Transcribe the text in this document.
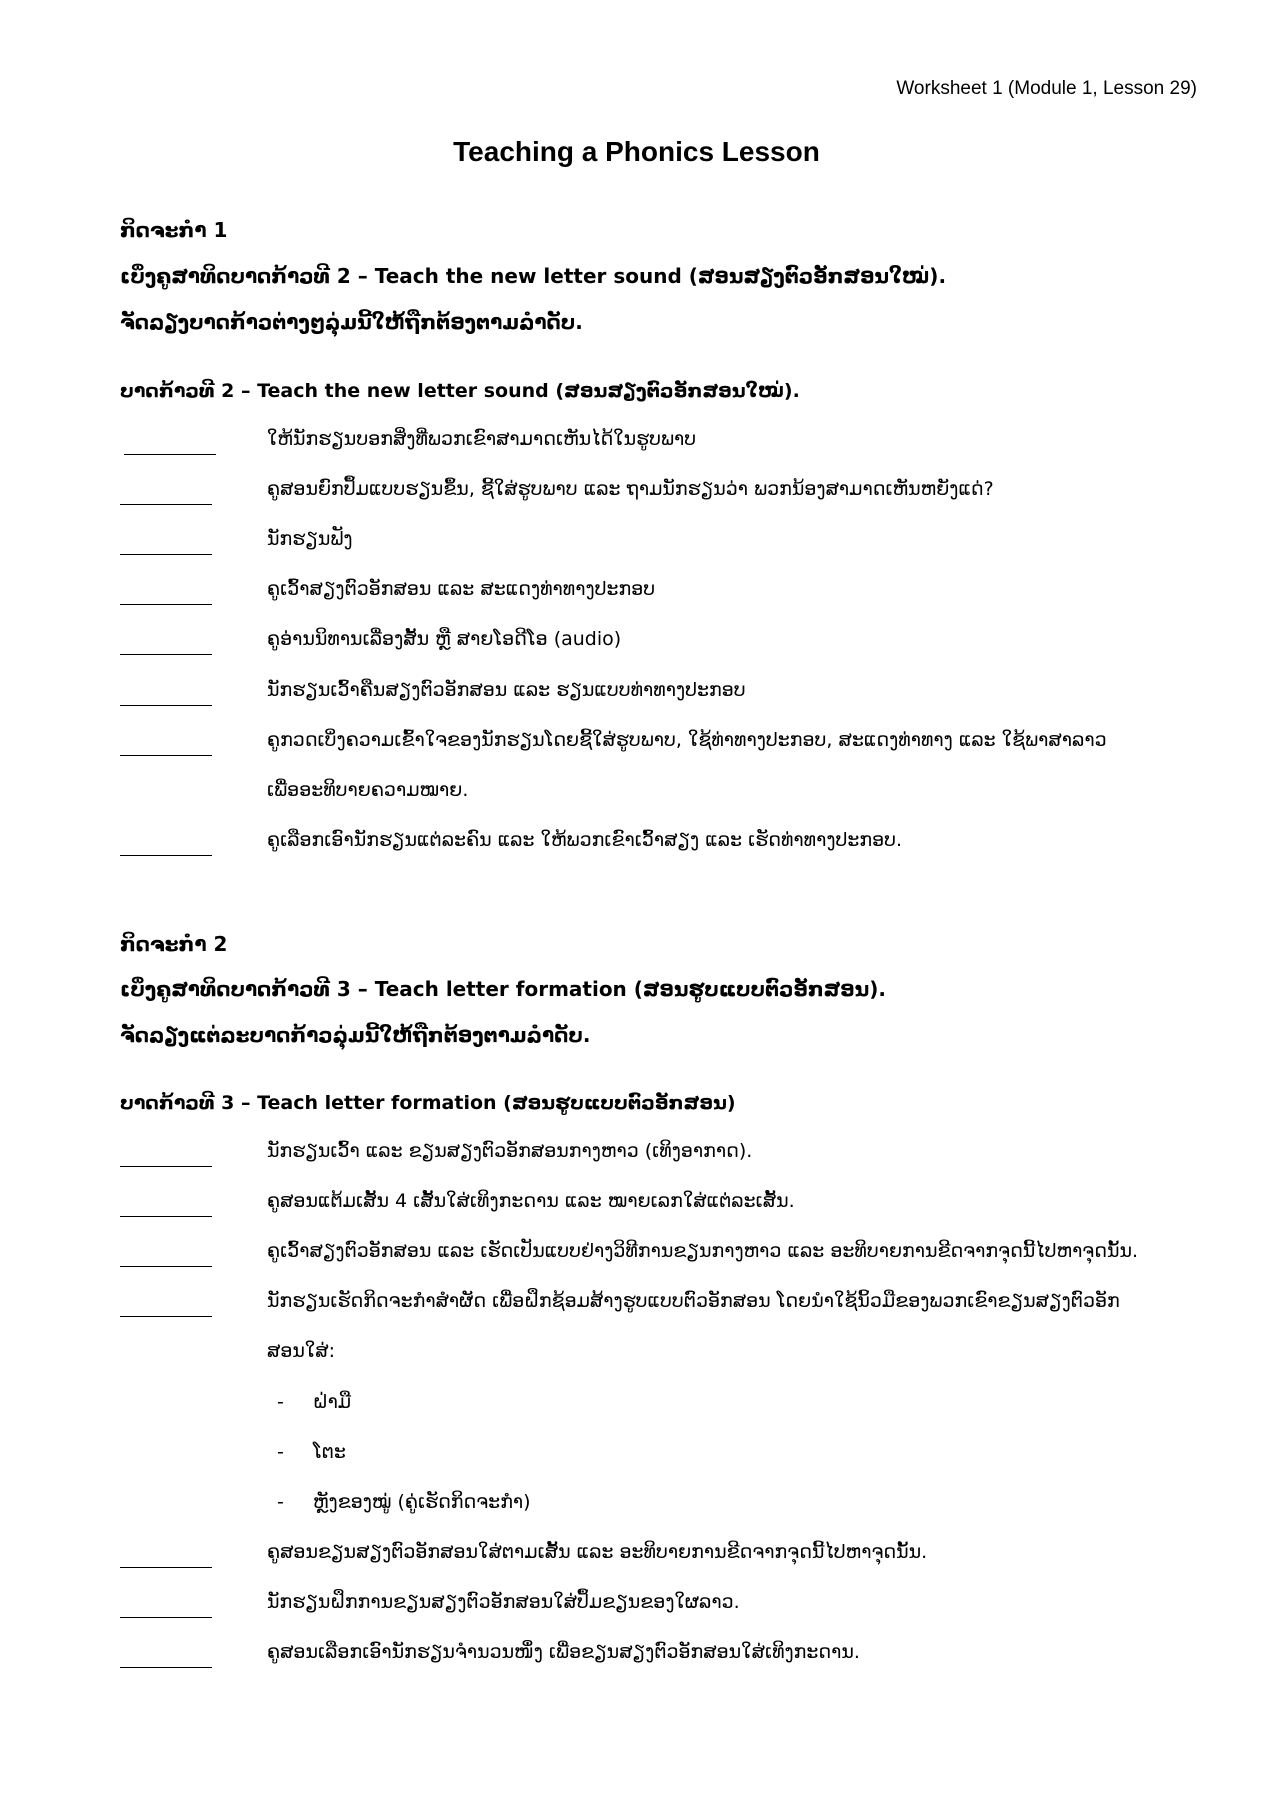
Worksheet 1 (Module 1, Lesson 29)
Teaching a Phonics Lesson
ກິດຈະກຳ 1
ເບິ່ງຄູສາທິດບາດກ້າວທີ 2 – Teach the new letter sound (ສອນສຽງຕົວອັກສອນໃໝ່).
ຈັດລຽງບາດກ້າວຕ່າງໆລຸ່ມນີ້ໃຫ້ຖືກຕ້ອງຕາມລຳດັບ.
ບາດກ້າວທີ 2 – Teach the new letter sound (ສອນສຽງຕົວອັກສອນໃໝ່).
ໃຫ້ນັກຮຽນບອກສິ່ງທີ່ພວກເຂົາສາມາດເຫັນໄດ້ໃນຮູບພາບ
ຄູສອນຍົກປຶ້ມແບບຮຽນຂຶ້ນ, ຊີ້ໃສ່ຮູບພາບ ແລະ ຖາມນັກຮຽນວ່າ ພວກນ້ອງສາມາດເຫັນຫຍັງແດ່?
ນັກຮຽນຟັງ
ຄູເວົ້າສຽງຕົວອັກສອນ ແລະ ສະແດງທ່າທາງປະກອບ
ຄູອ່ານນິທານເລື່ອງສັ້ນ ຫຼື ສາຍໂອດີໂອ (audio)
ນັກຮຽນເວົ້າຄືນສຽງຕົວອັກສອນ ແລະ ຮຽນແບບທ່າທາງປະກອບ
ຄູກວດເບິ່ງຄວາມເຂົ້າໃຈຂອງນັກຮຽນໂດຍຊີ້ໃສ່ຮູບພາບ, ໃຊ້ທ່າທາງປະກອບ, ສະແດງທ່າທາງ ແລະ ໃຊ້ພາສາລາວ
ເພື່ອອະທິບາຍຄວາມໝາຍ.
ຄູເລືອກເອົານັກຮຽນແຕ່ລະຄົນ ແລະ ໃຫ້ພວກເຂົາເວົ້າສຽງ ແລະ ເຮັດທ່າທາງປະກອບ.
ກິດຈະກຳ 2
ເບິ່ງຄູສາທິດບາດກ້າວທີ 3 – Teach letter formation (ສອນຮູບແບບຕົວອັກສອນ).
ຈັດລຽງແຕ່ລະບາດກ້າວລຸ່ມນີ້ໃຫ້ຖືກຕ້ອງຕາມລຳດັບ.
ບາດກ້າວທີ 3 – Teach letter formation (ສອນຮູບແບບຕົວອັກສອນ)
ນັກຮຽນເວົ້າ ແລະ ຂຽນສຽງຕົວອັກສອນກາງຫາວ (ເທິງອາກາດ).
ຄູສອນແຕ້ມເສັ້ນ 4 ເສັ້ນໃສ່ເທິງກະດານ ແລະ ໝາຍເລກໃສ່ແຕ່ລະເສັ້ນ.
ຄູເວົ້າສຽງຕົວອັກສອນ ແລະ ເຮັດເປັນແບບຢ່າງວິທີການຂຽນກາງຫາວ ແລະ ອະທິບາຍການຂີດຈາກຈຸດນີ້ໄປຫາຈຸດນັ້ນ.
ນັກຮຽນເຮັດກິດຈະກຳສຳຜັດ ເພື່ອຝຶກຊ້ອມສ້າງຮູບແບບຕົວອັກສອນ ໂດຍນຳໃຊ້ນິ້ວມືຂອງພວກເຂົາຂຽນສຽງຕົວອັກ
ສອນໃສ່:
- ຝ່າມື
- ໂຕະ
- ຫຼັງຂອງໝູ່ (ຄູ່ເຮັດກິດຈະກຳ)
ຄູສອນຂຽນສຽງຕົວອັກສອນໃສ່ຕາມເສັ້ນ ແລະ ອະທິບາຍການຂີດຈາກຈຸດນີ້ໄປຫາຈຸດນັ້ນ.
ນັກຮຽນຝຶກການຂຽນສຽງຕົວອັກສອນໃສ່ປຶ້ມຂຽນຂອງໃຜລາວ.
ຄູສອນເລືອກເອົານັກຮຽນຈຳນວນໜຶ່ງ ເພື່ອຂຽນສຽງຕົວອັກສອນໃສ່ເທິງກະດານ.
